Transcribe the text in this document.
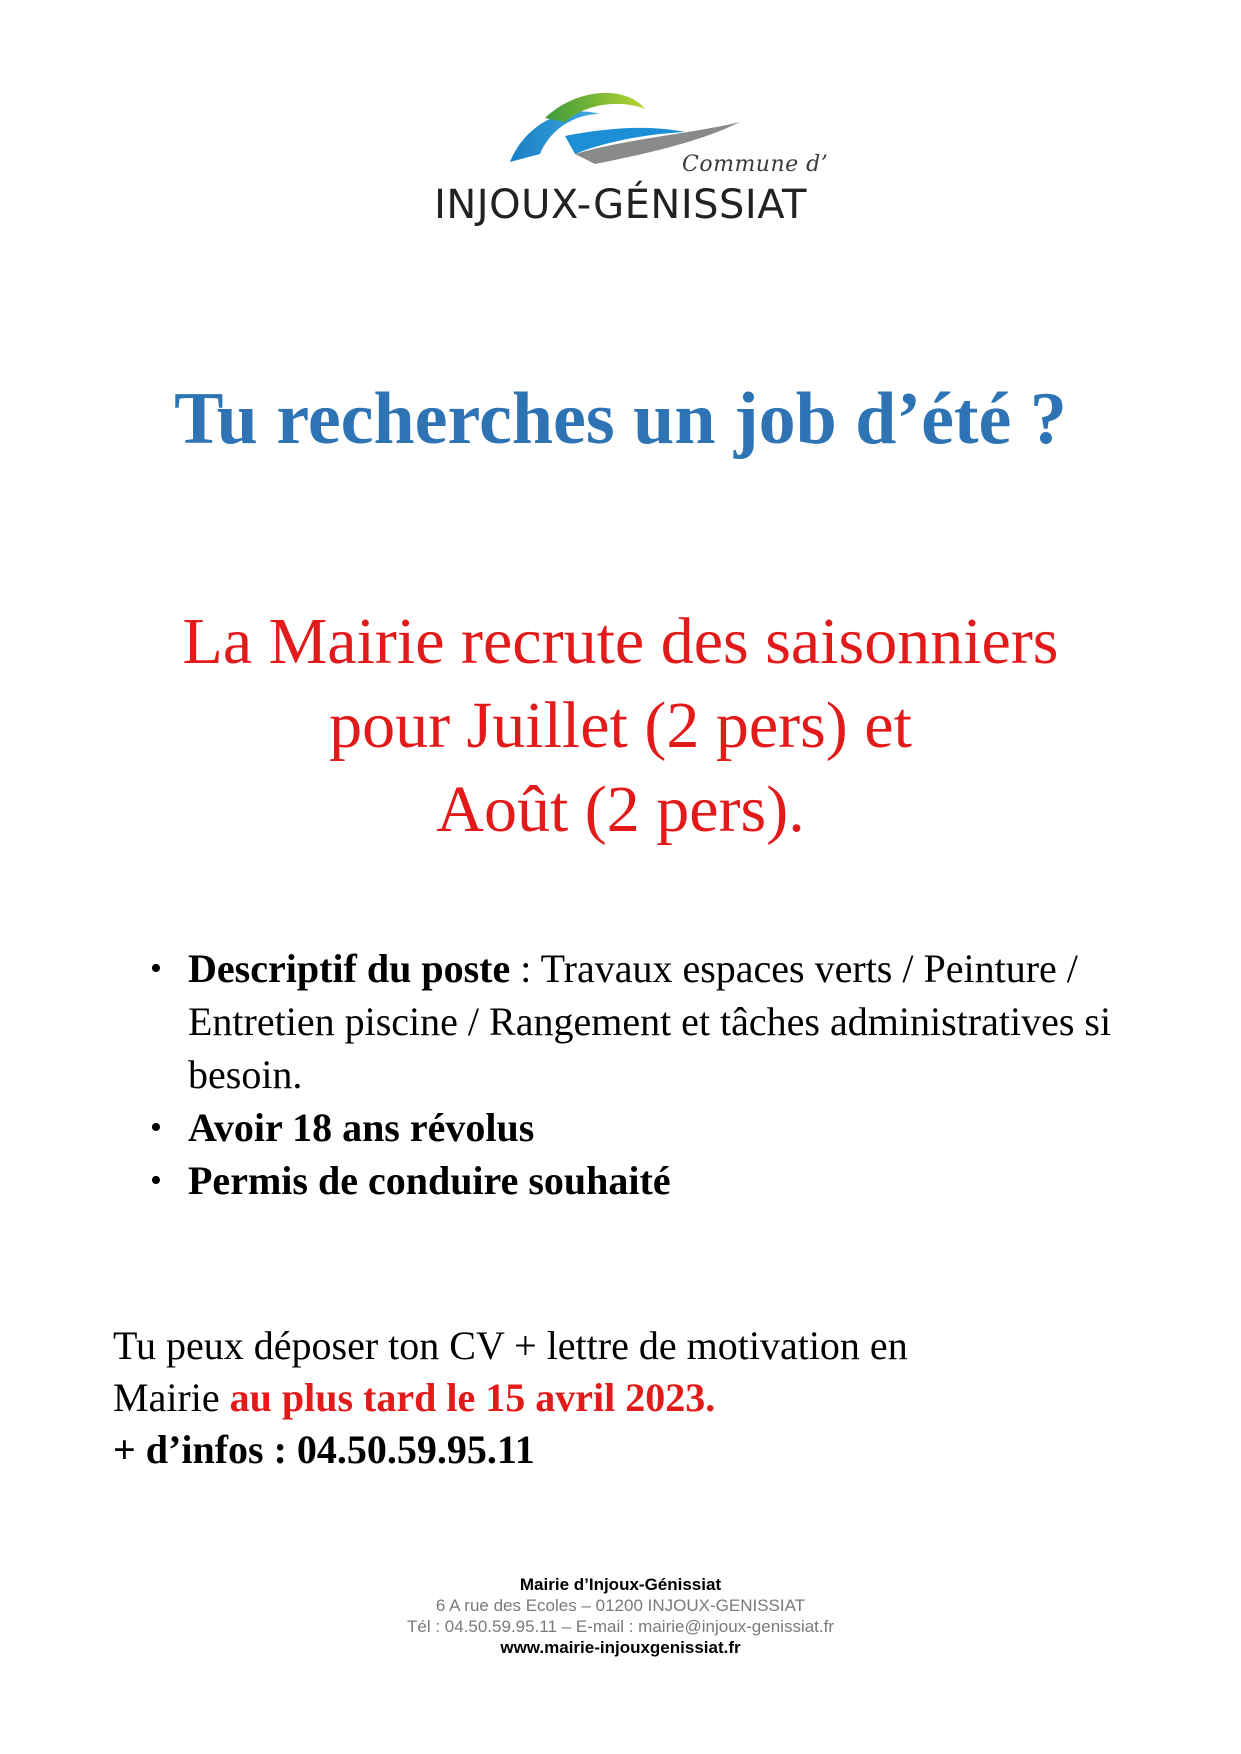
Commune d’
INJOUX-GÉNISSIAT
Tu recherches un job d’été ?
La Mairie recrute des saisonniers
pour Juillet (2 pers) et
Août (2 pers).
• Descriptif du poste : Travaux espaces verts / Peinture / Entretien piscine / Rangement et tâches administratives si besoin.
• Avoir 18 ans révolus
• Permis de conduire souhaité
Tu peux déposer ton CV + lettre de motivation en
Mairie au plus tard le 15 avril 2023.
+ d’infos : 04.50.59.95.11
Mairie d’Injoux-Génissiat
6 A rue des Ecoles – 01200 INJOUX-GENISSIAT
Tél : 04.50.59.95.11 – E-mail : mairie@injoux-genissiat.fr
www.mairie-injouxgenissiat.fr
